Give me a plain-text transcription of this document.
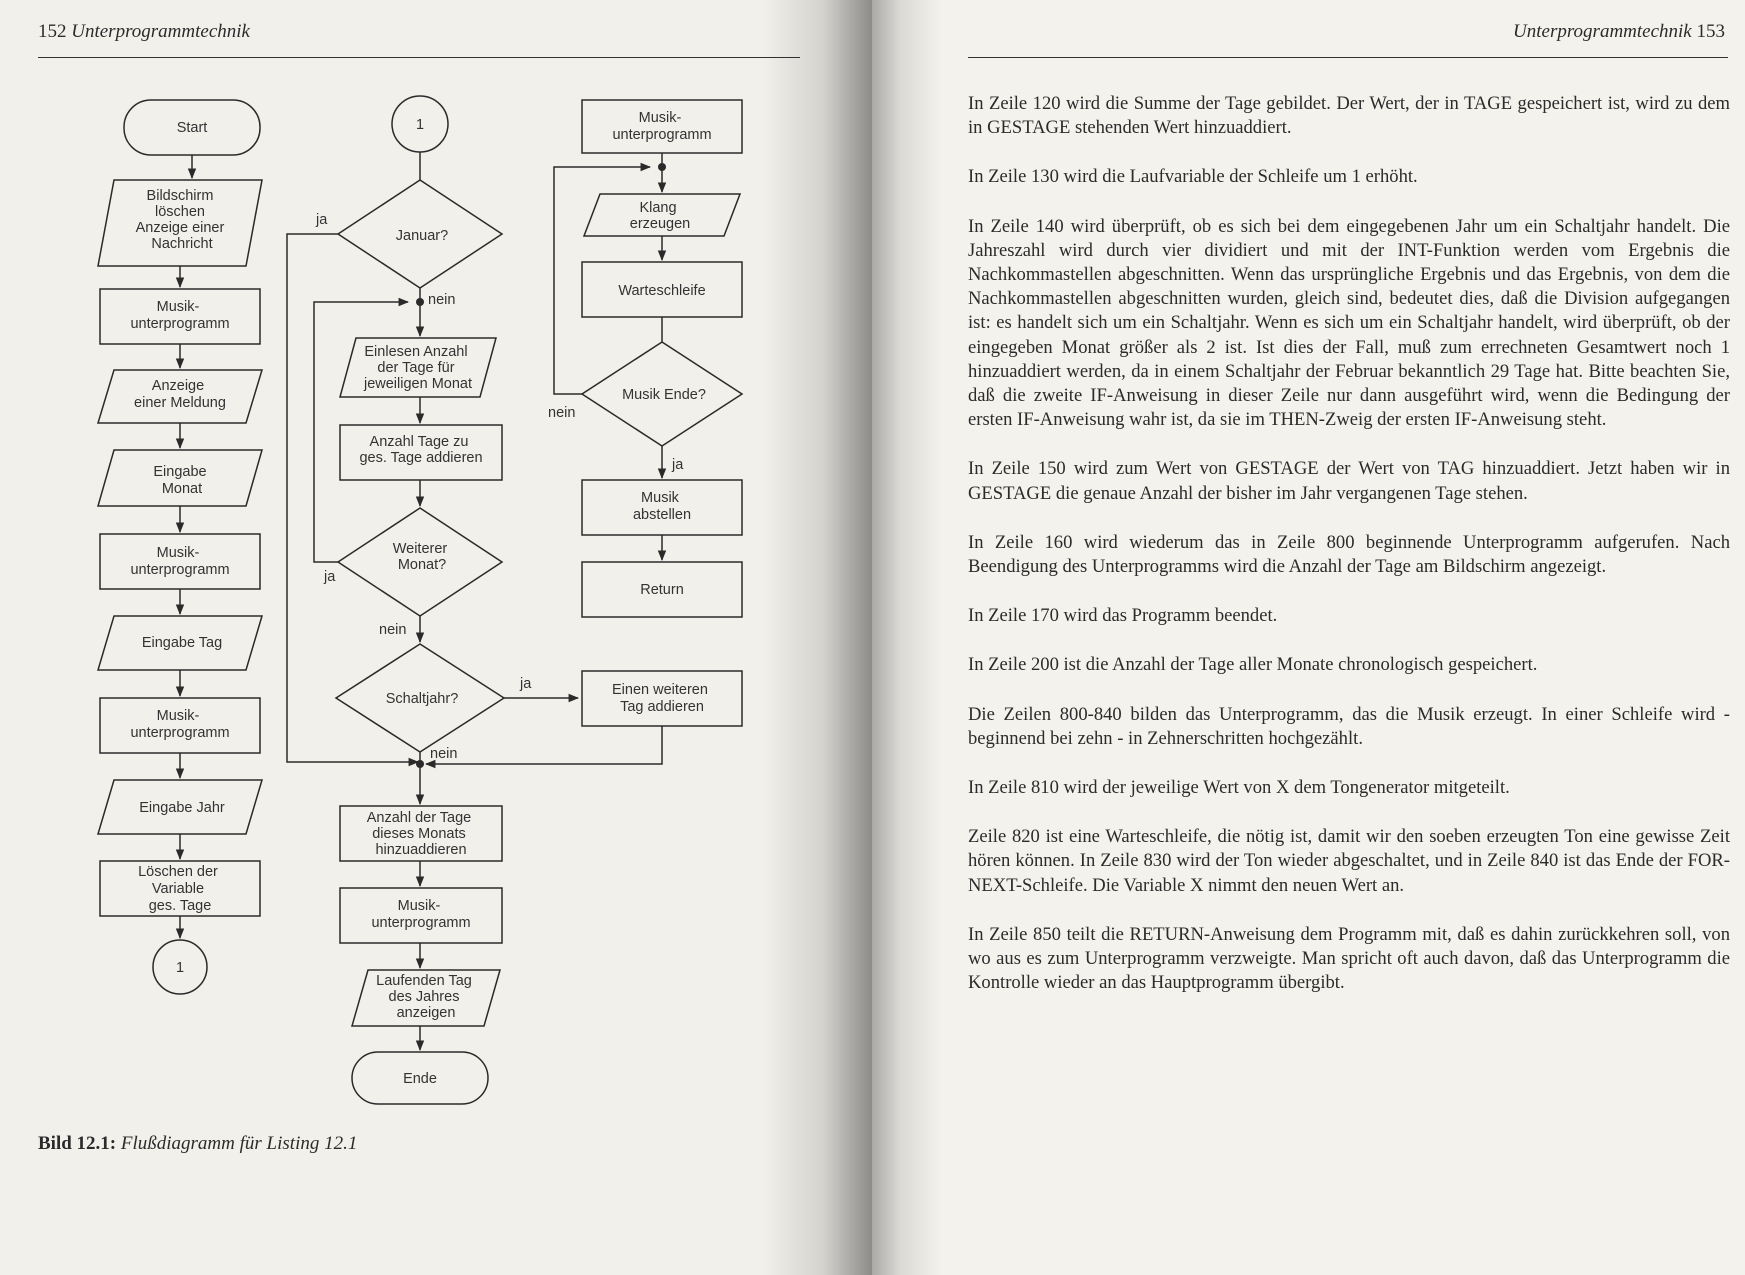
152 Unterprogrammtechnik
Start
Bildschirm löschen Anzeige einer Nachricht
Musik- unterprogramm
Anzeige einer Meldung
Eingabe Monat
Musik- unterprogramm
Eingabe Tag
Musik- unterprogramm
Eingabe Jahr
Löschen der Variable ges. Tage
1
1
Januar?
ja
nein
Einlesen Anzahl der Tage für jeweiligen Monat
Anzahl Tage zu ges. Tage addieren
Weiterer Monat?
ja
nein
Schaltjahr?
ja
nein
Anzahl der Tage dieses Monats hinzuaddieren
Musik- unterprogramm
Laufenden Tag des Jahres anzeigen
Ende
Musik- unterprogramm
Klang erzeugen
Warteschleife
Musik Ende?
nein
ja
Musik abstellen
Return
Einen weiteren Tag addieren
Bild 12.1: Flußdiagramm für Listing 12.1
Unterprogrammtechnik 153

In Zeile 120 wird die Summe der Tage gebildet. Der Wert, der in TAGE gespeichert ist, wird zu dem in GESTAGE stehenden Wert hinzuaddiert.

In Zeile 130 wird die Laufvariable der Schleife um 1 erhöht.

In Zeile 140 wird überprüft, ob es sich bei dem eingegebenen Jahr um ein Schaltjahr handelt. Die Jahreszahl wird durch vier dividiert und mit der INT-Funktion werden vom Ergebnis die Nachkommastellen abgeschnitten. Wenn das ursprüngliche Ergebnis und das Ergebnis, von dem die Nachkommastellen abgeschnitten wurden, gleich sind, bedeutet dies, daß die Division aufgegangen ist: es handelt sich um ein Schaltjahr. Wenn es sich um ein Schaltjahr handelt, wird überprüft, ob der eingegeben Monat größer als 2 ist. Ist dies der Fall, muß zum errechneten Gesamtwert noch 1 hinzuaddiert werden, da in einem Schaltjahr der Februar bekanntlich 29 Tage hat. Bitte beachten Sie, daß die zweite IF-Anweisung in dieser Zeile nur dann ausgeführt wird, wenn die Bedingung der ersten IF-Anweisung wahr ist, da sie im THEN-Zweig der ersten IF-Anweisung steht.

In Zeile 150 wird zum Wert von GESTAGE der Wert von TAG hinzuaddiert. Jetzt haben wir in GESTAGE die genaue Anzahl der bisher im Jahr vergangenen Tage stehen.

In Zeile 160 wird wiederum das in Zeile 800 beginnende Unterprogramm aufgerufen. Nach Beendigung des Unterprogramms wird die Anzahl der Tage am Bildschirm angezeigt.

In Zeile 170 wird das Programm beendet.

In Zeile 200 ist die Anzahl der Tage aller Monate chronologisch gespeichert.

Die Zeilen 800-840 bilden das Unterprogramm, das die Musik erzeugt. In einer Schleife wird - beginnend bei zehn - in Zehnerschritten hochgezählt.

In Zeile 810 wird der jeweilige Wert von X dem Tongenerator mitgeteilt.

Zeile 820 ist eine Warteschleife, die nötig ist, damit wir den soeben erzeugten Ton eine gewisse Zeit hören können. In Zeile 830 wird der Ton wieder abgeschaltet, und in Zeile 840 ist das Ende der FOR-NEXT-Schleife. Die Variable X nimmt den neuen Wert an.

In Zeile 850 teilt die RETURN-Anweisung dem Programm mit, daß es dahin zurückkehren soll, von wo aus es zum Unterprogramm verzweigte. Man spricht oft auch davon, daß das Unterprogramm die Kontrolle wieder an das Hauptprogramm übergibt.
